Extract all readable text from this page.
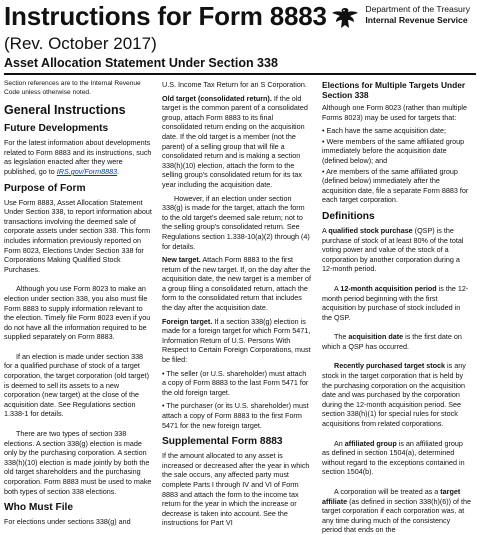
Instructions for Form 8883
(Rev. October 2017)
Asset Allocation Statement Under Section 338
Department of the Treasury
Internal Revenue Service

Section references are to the Internal Revenue Code unless otherwise noted.

General Instructions
Future Developments

For the latest information about developments related to Form 8883 and its instructions, such as legislation enacted after they were published, go to IRS.gov/Form8883.

Purpose of Form

Use Form 8883, Asset Allocation Statement Under Section 338, to report information about transactions involving the deemed sale of corporate assets under section 338. This form includes information previously reported on Form 8023, Elections Under Section 338 for Corporations Making Qualified Stock Purchases.

Although you use Form 8023 to make an election under section 338, you also must file Form 8883 to supply information relevant to the election. Timely file Form 8023 even if you do not have all the information required to be supplied separately on Form 8883.

If an election is made under section 338 for a qualified purchase of stock of a target corporation, the target corporation (old target) is deemed to sell its assets to a new corporation (new target) at the close of the acquisition date. See Regulations section 1.338-1 for details.

There are two types of section 338 elections. A section 338(g) election is made only by the purchasing corporation. A section 338(h)(10) election is made jointly by both the old target shareholders and the purchasing corporation. Form 8883 must be used to make both types of section 338 elections.

Who Must File

For elections under sections 338(g) and

U.S. Income Tax Return for an S Corporation.

Old target (consolidated return). If the old target is the common parent of a consolidated group, attach Form 8883 to its final consolidated return ending on the acquisition date. If the old target is a member (not the parent) of a selling group that will file a consolidated return and is making a section 338(h)(10) election, attach the form to the selling group's consolidated return for its tax year including the acquisition date.

However, if an election under section 338(g) is made for the target, attach the form to the old target's deemed sale return; not to the selling group's consolidated return. See Regulations section 1.338-10(a)(2) through (4) for details.

New target. Attach Form 8883 to the first return of the new target. If, on the day after the acquisition date, the new target is a member of a group filing a consolidated return, attach the form to the consolidated return that includes the day after the acquisition date.

Foreign target. If a section 338(g) election is made for a foreign target for which Form 5471, Information Return of U.S. Persons With Respect to Certain Foreign Corporations, must be filed:

• The seller (or U.S. shareholder) must attach a copy of Form 8883 to the last Form 5471 for the old foreign target.

• The purchaser (or its U.S. shareholder) must attach a copy of Form 8883 to the first Form 5471 for the new foreign target.

Supplemental Form 8883

If the amount allocated to any asset is increased or decreased after the year in which the sale occurs, any affected party must complete Parts I through IV and VI of Form 8883 and attach the form to the income tax return for the year in which the increase or decrease is taken into account. See the instructions for Part VI

Elections for Multiple Targets Under Section 338

Although one Form 8023 (rather than multiple Forms 8023) may be used for targets that:

• Each have the same acquisition date;

• Were members of the same affiliated group immediately before the acquisition date (defined below); and

• Are members of the same affiliated group (defined below) immediately after the acquisition date, file a separate Form 8883 for each target corporation.

Definitions

A qualified stock purchase (QSP) is the purchase of stock of at least 80% of the total voting power and value of the stock of a corporation by another corporation during a 12-month period.

A 12-month acquisition period is the 12-month period beginning with the first acquisition by purchase of stock included in the QSP.

The acquisition date is the first date on which a QSP has occurred.

Recently purchased target stock is any stock in the target corporation that is held by the purchasing corporation on the acquisition date and was purchased by the corporation during the 12-month acquisition period. See section 338(h)(1) for special rules for stock acquisitions from related corporations.

An affiliated group is an affiliated group as defined in section 1504(a), determined without regard to the exceptions contained in section 1504(b).

A corporation will be treated as a target affiliate (as defined in section 338(h)(6)) of the target corporation if each corporation was, at any time during much of the consistency period that ends on the
